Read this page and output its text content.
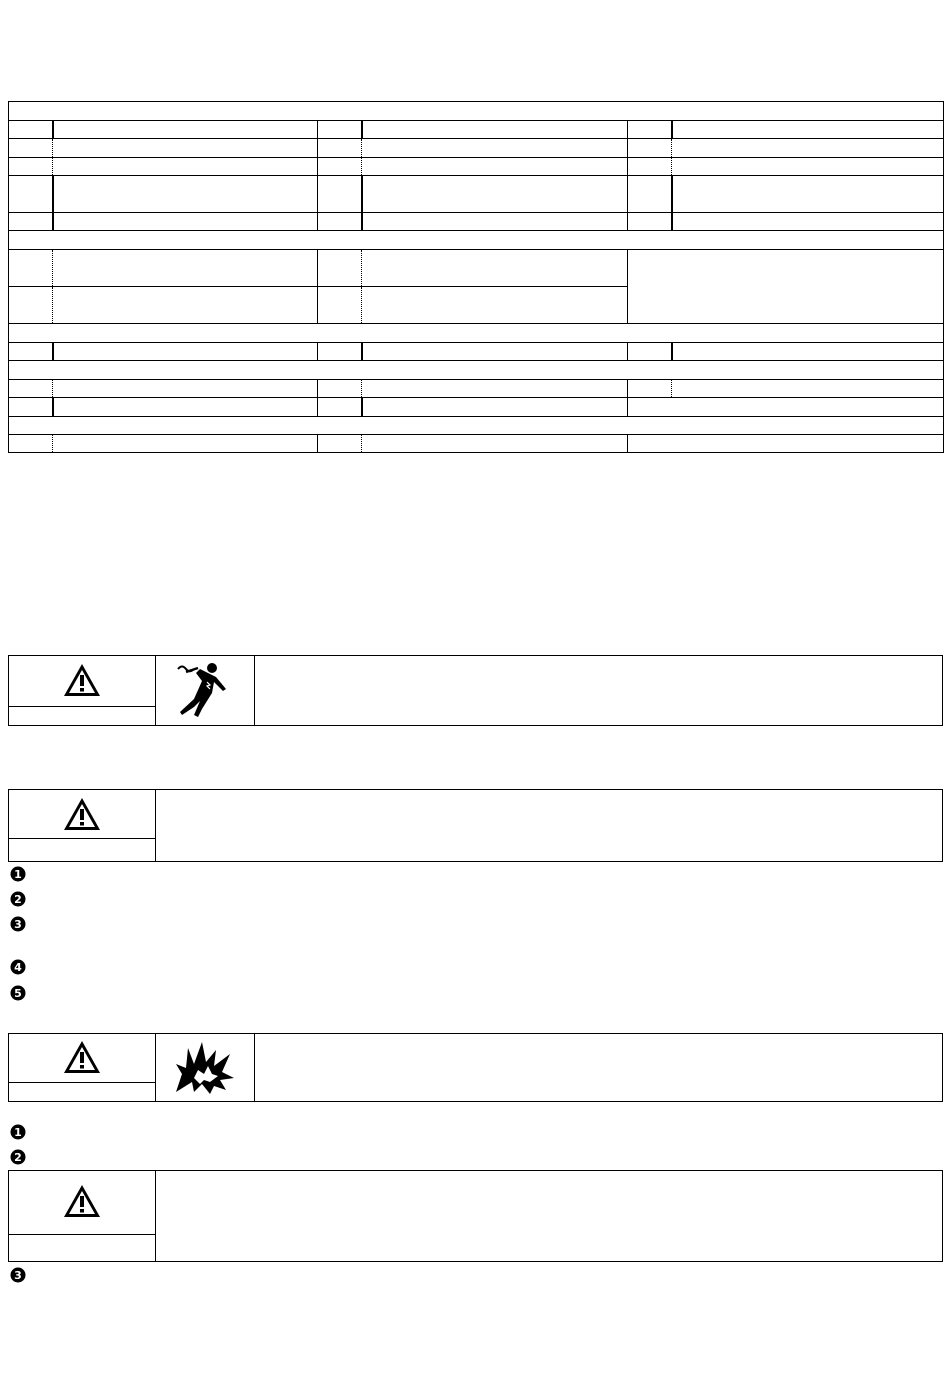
1
2
3
4
5
1
2
3
